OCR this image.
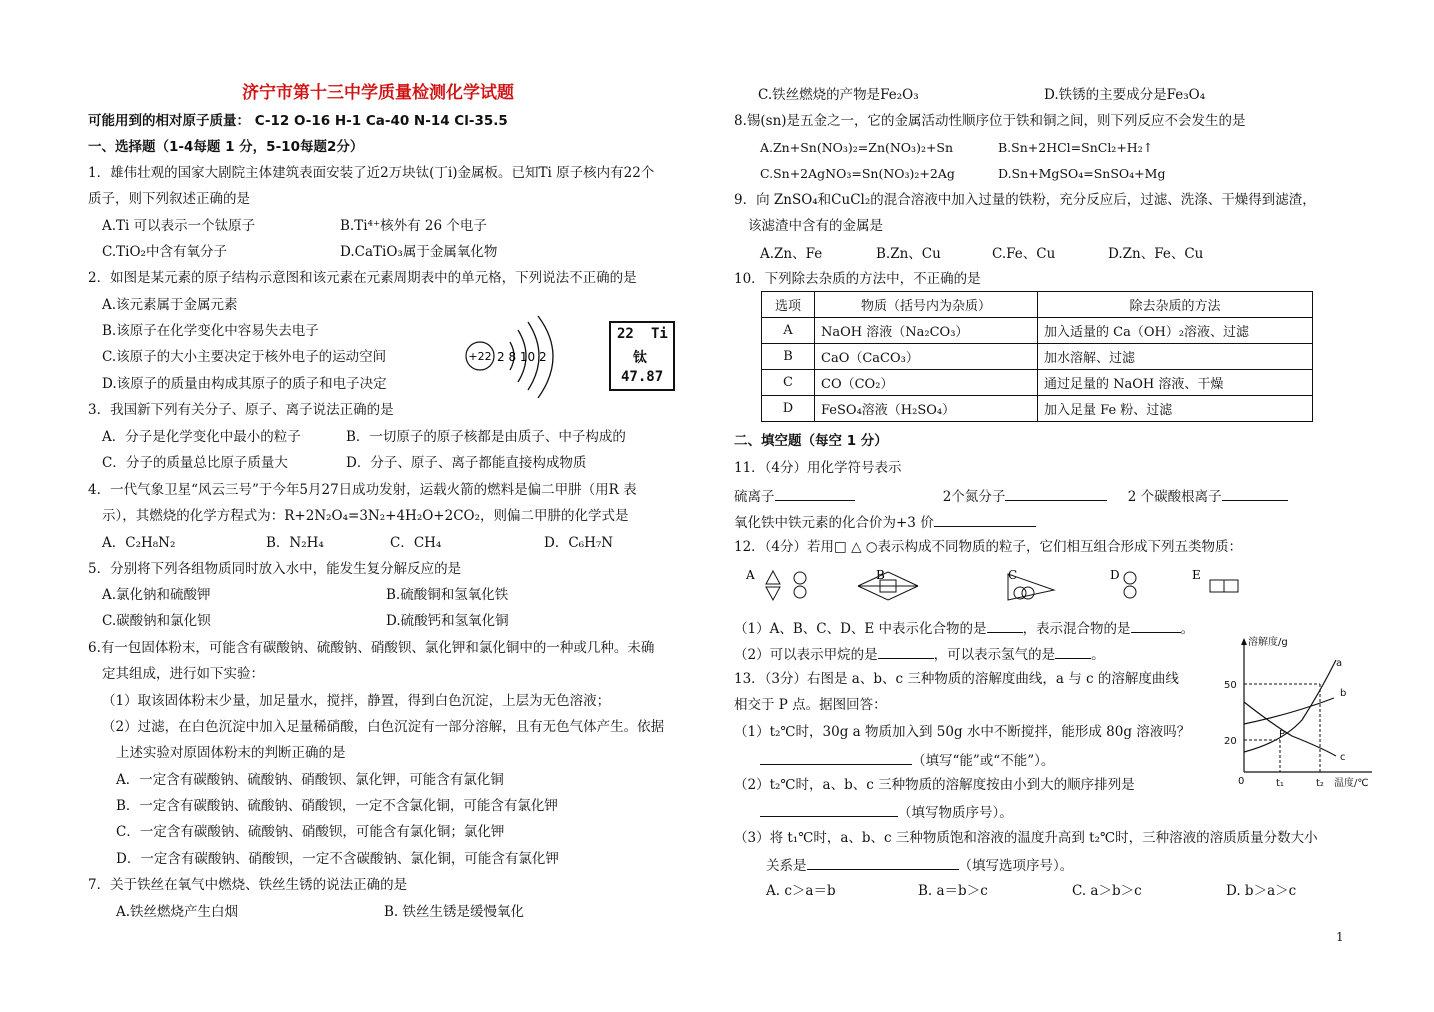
济宁市第十三中学质量检测化学试题
可能用到的相对原子质量： C-12 O-16 H-1 Ca-40 N-14 Cl-35.5
一、选择题（1-4每题 1 分，5-10每题2分）
1．雄伟壮观的国家大剧院主体建筑表面安装了近2万块钛(丁i)金属板。已知Ti 原子核内有22个
质子，则下列叙述正确的是
A.Ti 可以表示一个钛原子	B.Ti⁴⁺核外有 26 个电子
C.TiO₂中含有氧分子	D.CaTiO₃属于金属氧化物
2．如图是某元素的原子结构示意图和该元素在元素周期表中的单元格，下列说法不正确的是
A.该元素属于金属元素
B.该原子在化学变化中容易失去电子
C.该原子的大小主要决定于核外电子的运动空间
D.该原子的质量由构成其原子的质子和电子决定
+22 2 8 10 2
22 Ti
钛
47.87
3．我国新下列有关分子、原子、离子说法正确的是
A．分子是化学变化中最小的粒子	B．一切原子的原子核都是由质子、中子构成的
C．分子的质量总比原子质量大	D．分子、原子、离子都能直接构成物质
4．一代气象卫星“风云三号”于今年5月27日成功发射，运载火箭的燃料是偏二甲肼（用R 表
示），其燃烧的化学方程式为：R+2N₂O₄=3N₂+4H₂O+2CO₂，则偏二甲肼的化学式是
A．C₂H₈N₂	B．N₂H₄	C．CH₄	D．C₆H₇N
5．分别将下列各组物质同时放入水中，能发生复分解反应的是
A.氯化钠和硫酸钾	B.硫酸铜和氢氧化铁
C.碳酸钠和氯化钡	D.硫酸钙和氢氧化铜
6.有一包固体粉末，可能含有碳酸钠、硫酸钠、硝酸钡、氯化钾和氯化铜中的一种或几种。未确
定其组成，进行如下实验：
（1）取该固体粉末少量，加足量水，搅拌，静置，得到白色沉淀，上层为无色溶液；
（2）过滤，在白色沉淀中加入足量稀硝酸，白色沉淀有一部分溶解，且有无色气体产生。依据
上述实验对原固体粉末的判断正确的是
A．一定含有碳酸钠、硫酸钠、硝酸钡、氯化钾，可能含有氯化铜
B．一定含有碳酸钠、硫酸钠、硝酸钡，一定不含氯化铜，可能含有氯化钾
C．一定含有碳酸钠、硫酸钠、硝酸钡，可能含有氯化铜；氯化钾
D．一定含有碳酸钠、硝酸钡，一定不含碳酸钠、氯化铜，可能含有氯化钾
7．关于铁丝在氧气中燃烧、铁丝生锈的说法正确的是
A.铁丝燃烧产生白烟	B. 铁丝生锈是缓慢氧化
C.铁丝燃烧的产物是Fe₂O₃	D.铁锈的主要成分是Fe₃O₄
8.锡(sn)是五金之一，它的金属活动性顺序位于铁和铜之间，则下列反应不会发生的是
A.Zn+Sn(NO₃)₂=Zn(NO₃)₂+Sn	B.Sn+2HCl=SnCl₂+H₂↑
C.Sn+2AgNO₃=Sn(NO₃)₂+2Ag	D.Sn+MgSO₄=SnSO₄+Mg
9．向 ZnSO₄和CuCl₂的混合溶液中加入过量的铁粉，充分反应后，过滤、洗涤、干燥得到滤渣，
该滤渣中含有的金属是
A.Zn、Fe	B.Zn、Cu	C.Fe、Cu	D.Zn、Fe、Cu
10．下列除去杂质的方法中，不正确的是
选项	物质（括号内为杂质）	除去杂质的方法
A	NaOH 溶液（Na₂CO₃）	加入适量的 Ca（OH）₂溶液、过滤
B	CaO（CaCO₃）	加水溶解、过滤
C	CO（CO₂）	通过足量的 NaOH 溶液、干燥
D	FeSO₄溶液（H₂SO₄）	加入足量 Fe 粉、过滤
二、填空题（每空 1 分）
11．（4分）用化学符号表示
硫离子	2个氮分子	2 个碳酸根离子
氧化铁中铁元素的化合价为+3 价
12．（4分）若用□ △ ○表示构成不同物质的粒子，它们相互组合形成下列五类物质：
A	B	C	D	E
（1）A、B、C、D、E 中表示化合物的是	，表示混合物的是	。
（2）可以表示甲烷的是	，可以表示氢气的是	。
13．（3分）右图是 a、b、c 三种物质的溶解度曲线，a 与 c 的溶解度曲线
相交于 P 点。据图回答：
（1）t₂℃时，30g a 物质加入到 50g 水中不断搅拌，能形成 80g 溶液吗？
（填写“能”或“不能”）。
（2）t₂℃时，a、b、c 三种物质的溶解度按由小到大的顺序排列是
（填写物质序号）。
（3）将 t₁℃时，a、b、c 三种物质饱和溶液的温度升高到 t₂℃时，三种溶液的溶质质量分数大小
关系是	（填写选项序号）。
A. c＞a＝b	B. a＝b＞c	C. a＞b＞c	D. b＞a＞c
溶解度/g
50
20
0	t₁	t₂ 温度/℃
a
b
c
P
1
